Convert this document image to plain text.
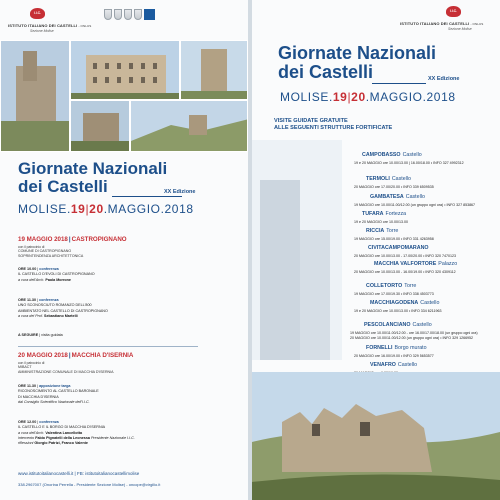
I.I.C.
ISTITUTO ITALIANO DEI CASTELLI - ONLUS
Sezione Molise
Giornate Nazionali
dei Castelli	XX Edizione
MOLISE.19|20.MAGGIO.2018
19 MAGGIO 2018|CASTROPIGNANO
con il patrocinio di
COMUNE DI CASTROPIGNANO
SOPRINTENDENZA ARCHITETTONICA
ORE 10.00 | conferenza
IL CASTELLO D'EVOLI DI CASTROPIGNANO
a cura dell'Arch. Paola Morrone
ORE 11.30 | conferenza
UNO SCONOSCIUTO ROMANZO DELL'800
AMBIENTATO NEL CASTELLO DI CASTROPIGNANO
a cura del Prof. Sebastiano Martelli
A SEGUIRE | visita guidata
20 MAGGIO 2018|MACCHIA D'ISERNIA
con il patrocinio di
MIBACT
AMMINISTRAZIONE COMUNALE DI MACCHIA D'ISERNIA
ORE 11.30 | apposizione targa
RICONOSCIMENTO AL CASTELLO BARONALE
DI MACCHIA D'ISERNIA
dal Consiglio Scientifico Nazionale dell'I.I.C.
ORE 12.00 | conferenza
IL CASTELLO E IL BORGO DI MACCHIA D'ISERNIA
a cura dell'Arch. Valentina Lancellotta
intervento Fabio Pignatelli della Leonessa Presidente Nazionale I.I.C.
riflessioni Giorgio Patrizi, Franco Valente
www.istitutoitalianocastelli.it | FB: istitutoitalianocastellimolise
338.2967007 (Onorina Perrella - Presidente Sezione Molise) - oncope@virgilio.it
I.I.C.
ISTITUTO ITALIANO DEI CASTELLI - ONLUS
Sezione Molise
Giornate Nazionali
dei Castelli	XX Edizione
MOLISE.19|20.MAGGIO.2018
VISITE GUIDATE GRATUITE
ALLE SEGUENTI STRUTTURE FORTIFICATE
CAMPOBASSO Castello
19 e 20 MAGGIO ore 10.00/13.00 | 16.00/18.00 • INFO 327 4992312
TERMOLI Castello
20 MAGGIO ore 17.00/20.00 • INFO 339 6509535
GAMBATESA Castello
19 MAGGIO ore 10.00/11.00/12.00 (un gruppo ogni ora) • INFO 327 853867
TUFARA Fortezza
19 e 20 MAGGIO ore 10.00/13.00
RICCIA Torre
19 MAGGIO ore 15.00/19.00 • INFO 331 4263958
CIVITACAMPOMARANO
20 MAGGIO ore 10.00/13.00 - 17.00/20.00 • INFO 320 7470123
MACCHIA VALFORTORE Palazzo
20 MAGGIO ore 10.00/13.00 - 16.00/19.00 • INFO 320 4309112
COLLETORTO Torre
19 MAGGIO ore 17.00/19.30 • INFO 338 4503773
MACCHIAGODENA Castello
19 e 20 MAGGIO ore 10.00/13.00 • INFO 334 6211963
PESCOLANCIANO Castello
19 MAGGIO ore 10.00/11.00/12.00 - ore 16.00/17.00/18.00 (un gruppo ogni ora)
20 MAGGIO ore 10.00/11.00/12.00 (un gruppo ogni ora) • INFO 329 1266952
FORNELLI Borgo murato
20 MAGGIO ore 16.00/19.00 • INFO 329 5653577
VENAFRO Castello
